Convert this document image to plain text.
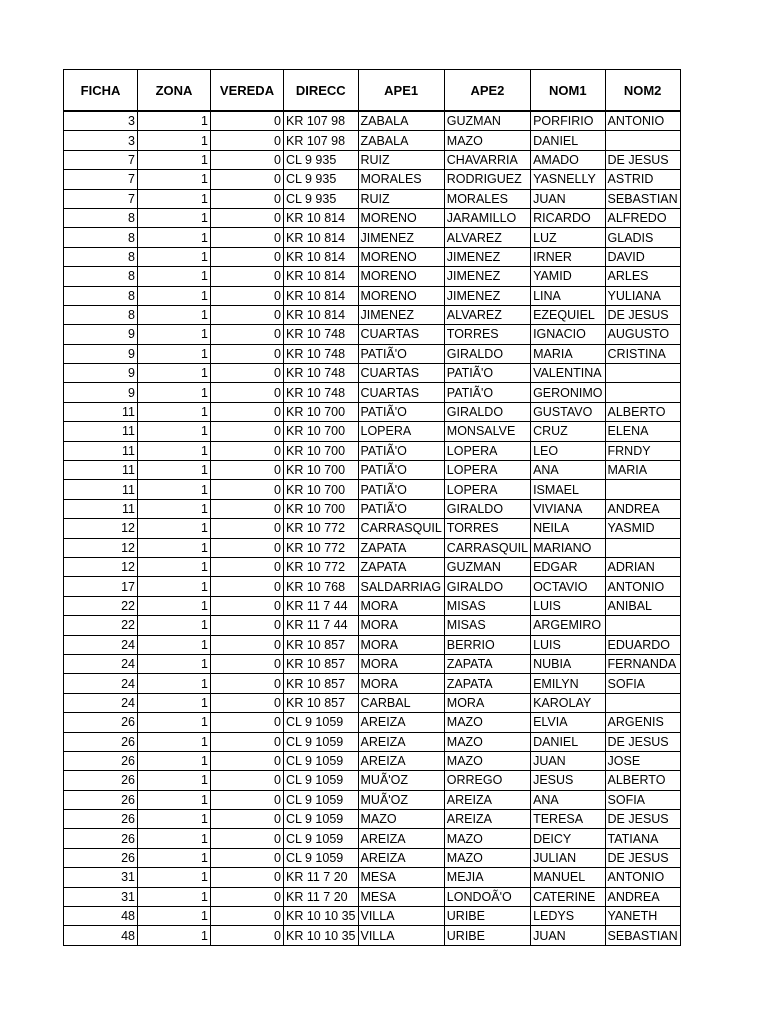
FICHA	ZONA	VEREDA	DIRECC	APE1	APE2	NOM1	NOM2
3	1	0	KR 107 98	ZABALA	GUZMAN	PORFIRIO	ANTONIO
3	1	0	KR 107 98	ZABALA	MAZO	DANIEL	
7	1	0	CL 9 935	RUIZ	CHAVARRIA	AMADO	DE JESUS
7	1	0	CL 9 935	MORALES	RODRIGUEZ	YASNELLY	ASTRID
7	1	0	CL 9 935	RUIZ	MORALES	JUAN	SEBASTIAN
8	1	0	KR 10 814	MORENO	JARAMILLO	RICARDO	ALFREDO
8	1	0	KR 10 814	JIMENEZ	ALVAREZ	LUZ	GLADIS
8	1	0	KR 10 814	MORENO	JIMENEZ	IRNER	DAVID
8	1	0	KR 10 814	MORENO	JIMENEZ	YAMID	ARLES
8	1	0	KR 10 814	MORENO	JIMENEZ	LINA	YULIANA
8	1	0	KR 10 814	JIMENEZ	ALVAREZ	EZEQUIEL	DE JESUS
9	1	0	KR 10 748	CUARTAS	TORRES	IGNACIO	AUGUSTO
9	1	0	KR 10 748	PATIÃ'O	GIRALDO	MARIA	CRISTINA
9	1	0	KR 10 748	CUARTAS	PATIÃ'O	VALENTINA	
9	1	0	KR 10 748	CUARTAS	PATIÃ'O	GERONIMO	
11	1	0	KR 10 700	PATIÃ'O	GIRALDO	GUSTAVO	ALBERTO
11	1	0	KR 10 700	LOPERA	MONSALVE	CRUZ	ELENA
11	1	0	KR 10 700	PATIÃ'O	LOPERA	LEO	FRNDY
11	1	0	KR 10 700	PATIÃ'O	LOPERA	ANA	MARIA
11	1	0	KR 10 700	PATIÃ'O	LOPERA	ISMAEL	
11	1	0	KR 10 700	PATIÃ'O	GIRALDO	VIVIANA	ANDREA
12	1	0	KR 10 772	CARRASQUIL	TORRES	NEILA	YASMID
12	1	0	KR 10 772	ZAPATA	CARRASQUIL	MARIANO	
12	1	0	KR 10 772	ZAPATA	GUZMAN	EDGAR	ADRIAN
17	1	0	KR 10 768	SALDARRIAG	GIRALDO	OCTAVIO	ANTONIO
22	1	0	KR 11 7 44	MORA	MISAS	LUIS	ANIBAL
22	1	0	KR 11 7 44	MORA	MISAS	ARGEMIRO	
24	1	0	KR 10 857	MORA	BERRIO	LUIS	EDUARDO
24	1	0	KR 10 857	MORA	ZAPATA	NUBIA	FERNANDA
24	1	0	KR 10 857	MORA	ZAPATA	EMILYN	SOFIA
24	1	0	KR 10 857	CARBAL	MORA	KAROLAY	
26	1	0	CL 9 1059	AREIZA	MAZO	ELVIA	ARGENIS
26	1	0	CL 9 1059	AREIZA	MAZO	DANIEL	DE JESUS
26	1	0	CL 9 1059	AREIZA	MAZO	JUAN	JOSE
26	1	0	CL 9 1059	MUÃ'OZ	ORREGO	JESUS	ALBERTO
26	1	0	CL 9 1059	MUÃ'OZ	AREIZA	ANA	SOFIA
26	1	0	CL 9 1059	MAZO	AREIZA	TERESA	DE JESUS
26	1	0	CL 9 1059	AREIZA	MAZO	DEICY	TATIANA
26	1	0	CL 9 1059	AREIZA	MAZO	JULIAN	DE JESUS
31	1	0	KR 11 7 20	MESA	MEJIA	MANUEL	ANTONIO
31	1	0	KR 11 7 20	MESA	LONDOÃ'O	CATERINE	ANDREA
48	1	0	KR 10 10 35	VILLA	URIBE	LEDYS	YANETH
48	1	0	KR 10 10 35	VILLA	URIBE	JUAN	SEBASTIAN
